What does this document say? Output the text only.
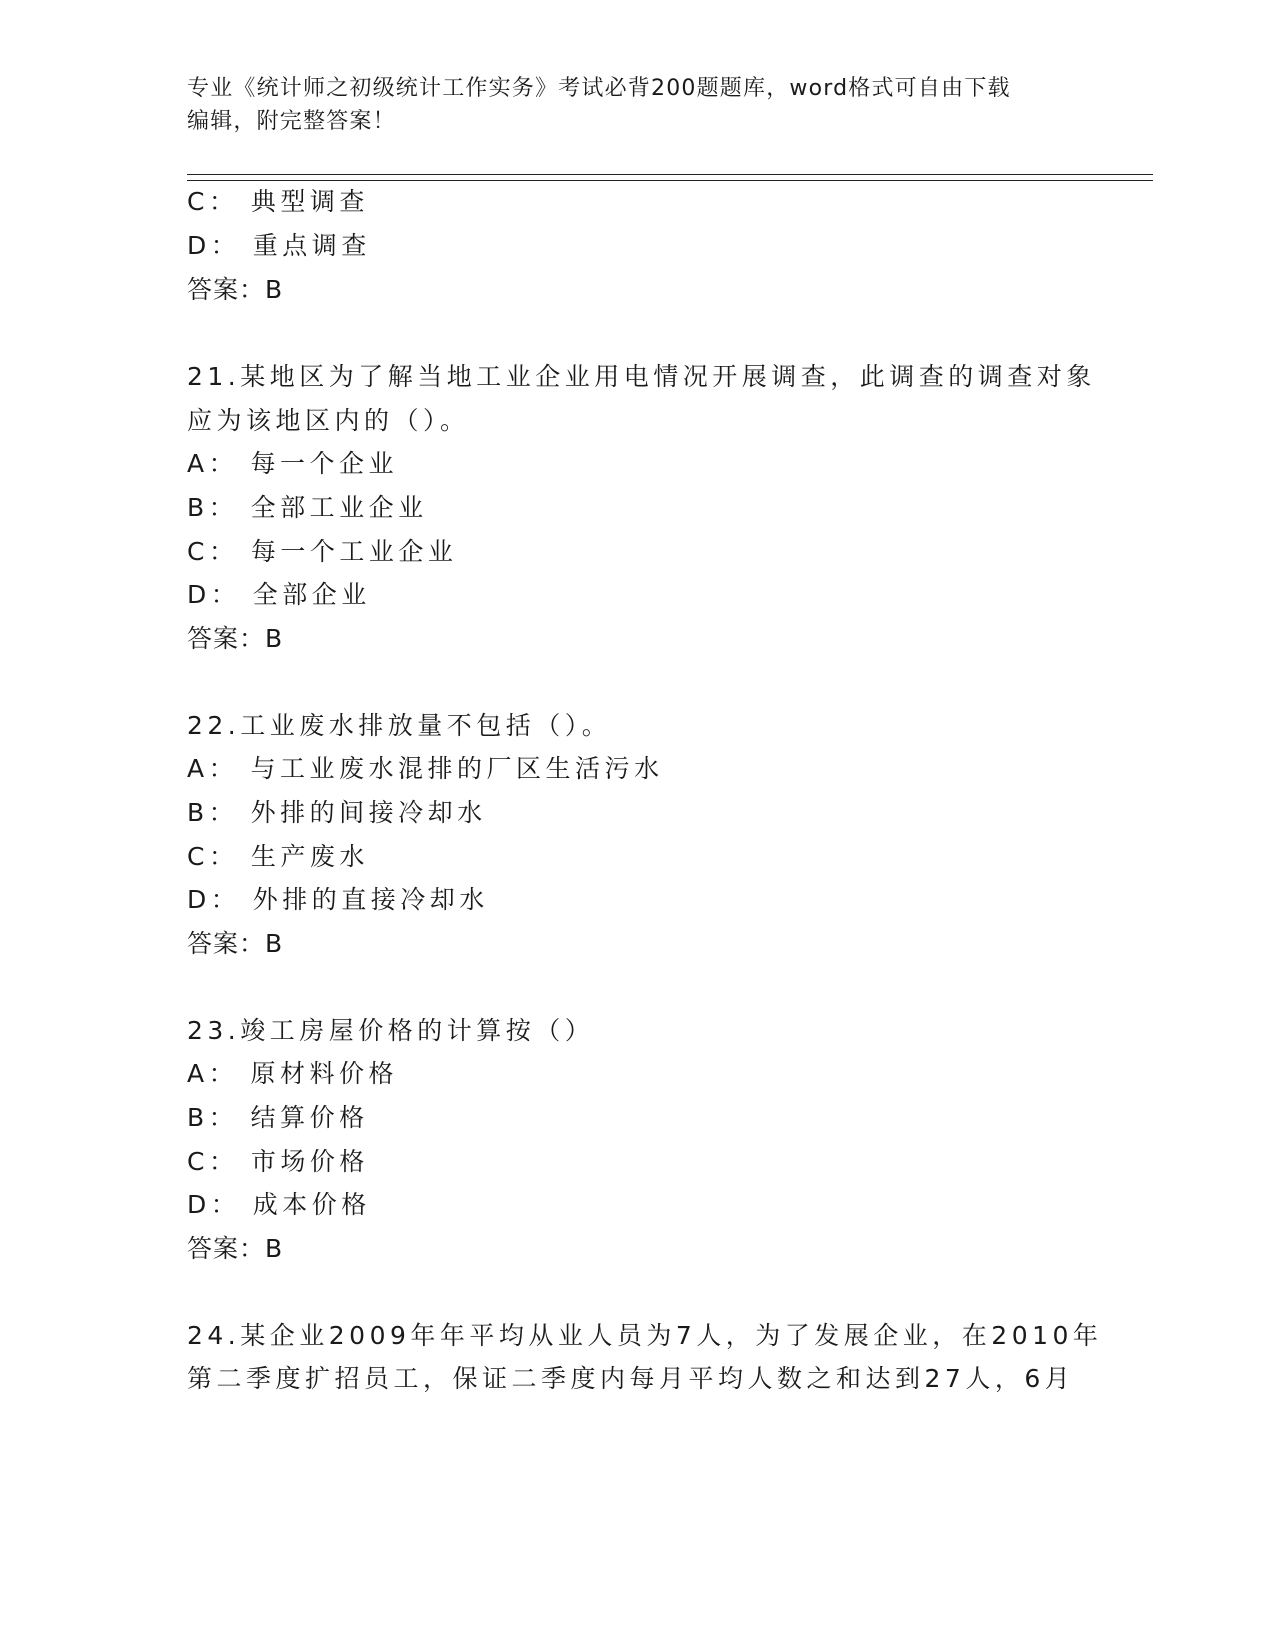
专业《统计师之初级统计工作实务》考试必背200题题库，word格式可自由下载
编辑，附完整答案！
C： 典型调查
D： 重点调查
答案：B
21.某地区为了解当地工业企业用电情况开展调查，此调查的调查对象
应为该地区内的（）。
A： 每一个企业
B： 全部工业企业
C： 每一个工业企业
D： 全部企业
答案：B
22.工业废水排放量不包括（）。
A： 与工业废水混排的厂区生活污水
B： 外排的间接冷却水
C： 生产废水
D： 外排的直接冷却水
答案：B
23.竣工房屋价格的计算按（）
A： 原材料价格
B： 结算价格
C： 市场价格
D： 成本价格
答案：B
24.某企业2009年年平均从业人员为7人，为了发展企业，在2010年
第二季度扩招员工，保证二季度内每月平均人数之和达到27人，6月
